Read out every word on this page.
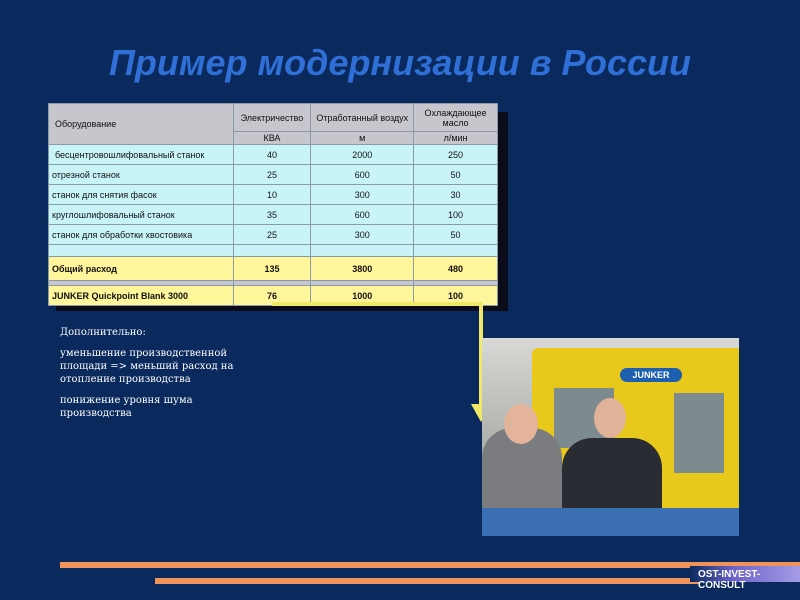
Пример модернизации в России
Оборудование	Электричество	Отработанный воздух	Охлаждающее масло
	КВА	м	л/мин
бесцентровошлифовальный станок	40	2000	250
отрезной станок	25	600	50
станок для снятия фасок	10	300	30
круглошлифовальный станок	35	600	100
станок для обработки хвостовика	25	300	50

Общий расход	135	3800	480

JUNKER Quickpoint Blank 3000	76	1000	100

Дополнительно:

уменьшение производственной площади => меньший расход на отопление производства

понижение уровня шума производства

JUNKER
OST-INVEST-CONSULT
